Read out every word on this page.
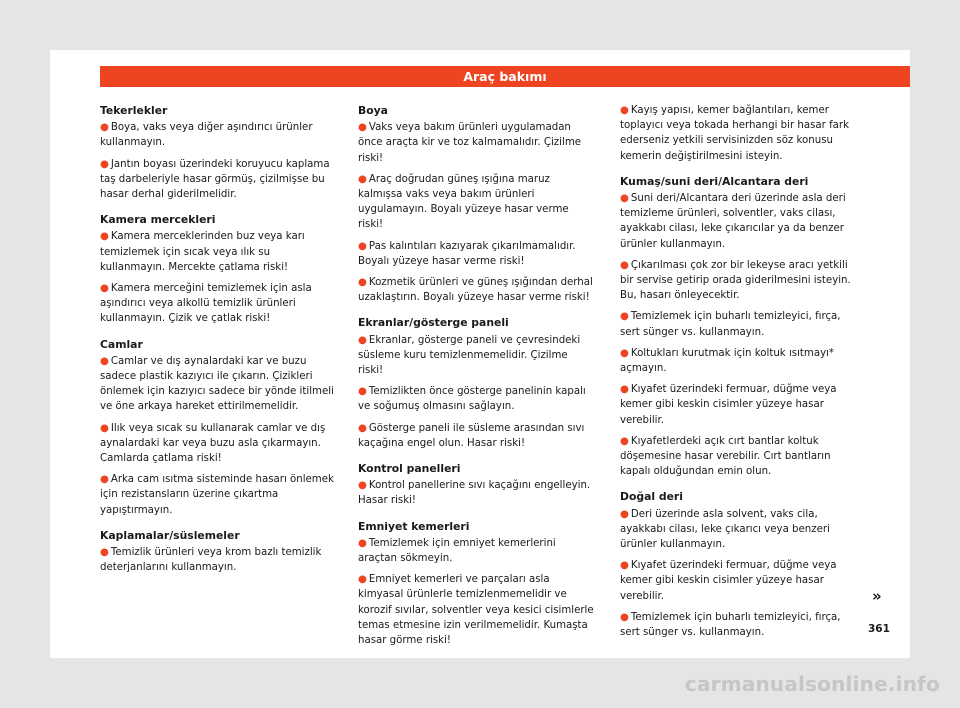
Araç bakımı
Tekerlekler
● Boya, vaks veya diğer aşındırıcı ürünler kullanmayın.
● Jantın boyası üzerindeki koruyucu kaplama taş darbeleriyle hasar görmüş, çizilmişse bu hasar derhal giderilmelidir.
Kamera mercekleri
● Kamera merceklerinden buz veya karı temizlemek için sıcak veya ılık su kullanmayın. Mercekte çatlama riski!
● Kamera merceğini temizlemek için asla aşındırıcı veya alkollü temizlik ürünleri kullanmayın. Çizik ve çatlak riski!
Camlar
● Camlar ve dış aynalardaki kar ve buzu sadece plastik kazıyıcı ile çıkarın. Çizikleri önlemek için kazıyıcı sadece bir yönde itilmeli ve öne arkaya hareket ettirilmemelidir.
● Ilık veya sıcak su kullanarak camlar ve dış aynalardaki kar veya buzu asla çıkarmayın. Camlarda çatlama riski!
● Arka cam ısıtma sisteminde hasarı önlemek için rezistansların üzerine çıkartma yapıştırmayın.
Kaplamalar/süslemeler
● Temizlik ürünleri veya krom bazlı temizlik deterjanlarını kullanmayın.
Boya
● Vaks veya bakım ürünleri uygulamadan önce araçta kir ve toz kalmamalıdır. Çizilme riski!
● Araç doğrudan güneş ışığına maruz kalmışsa vaks veya bakım ürünleri uygulamayın. Boyalı yüzeye hasar verme riski!
● Pas kalıntıları kazıyarak çıkarılmamalıdır. Boyalı yüzeye hasar verme riski!
● Kozmetik ürünleri ve güneş ışığından derhal uzaklaştırın. Boyalı yüzeye hasar verme riski!
Ekranlar/gösterge paneli
● Ekranlar, gösterge paneli ve çevresindeki süsleme kuru temizlenmemelidir. Çizilme riski!
● Temizlikten önce gösterge panelinin kapalı ve soğumuş olmasını sağlayın.
● Gösterge paneli ile süsleme arasından sıvı kaçağına engel olun. Hasar riski!
Kontrol panelleri
● Kontrol panellerine sıvı kaçağını engelleyin. Hasar riski!
Emniyet kemerleri
● Temizlemek için emniyet kemerlerini araçtan sökmeyin.
● Emniyet kemerleri ve parçaları asla kimyasal ürünlerle temizlenmemelidir ve korozif sıvılar, solventler veya kesici cisimlerle temas etmesine izin verilmemelidir. Kumaşta hasar görme riski!
● Kayış yapısı, kemer bağlantıları, kemer toplayıcı veya tokada herhangi bir hasar fark ederseniz yetkili servisinizden söz konusu kemerin değiştirilmesini isteyin.
Kumaş/suni deri/Alcantara deri
● Suni deri/Alcantara deri üzerinde asla deri temizleme ürünleri, solventler, vaks cilası, ayakkabı cilası, leke çıkarıcılar ya da benzer ürünler kullanmayın.
● Çıkarılması çok zor bir lekeyse aracı yetkili bir servise getirip orada giderilmesini isteyin. Bu, hasarı önleyecektir.
● Temizlemek için buharlı temizleyici, fırça, sert sünger vs. kullanmayın.
● Koltukları kurutmak için koltuk ısıtmayı* açmayın.
● Kıyafet üzerindeki fermuar, düğme veya kemer gibi keskin cisimler yüzeye hasar verebilir.
● Kıyafetlerdeki açık cırt bantlar koltuk döşemesine hasar verebilir. Cırt bantların kapalı olduğundan emin olun.
Doğal deri
● Deri üzerinde asla solvent, vaks cila, ayakkabı cilası, leke çıkarıcı veya benzeri ürünler kullanmayın.
● Kıyafet üzerindeki fermuar, düğme veya kemer gibi keskin cisimler yüzeye hasar verebilir.
● Temizlemek için buharlı temizleyici, fırça, sert sünger vs. kullanmayın.
»
361
carmanualsonline.info
